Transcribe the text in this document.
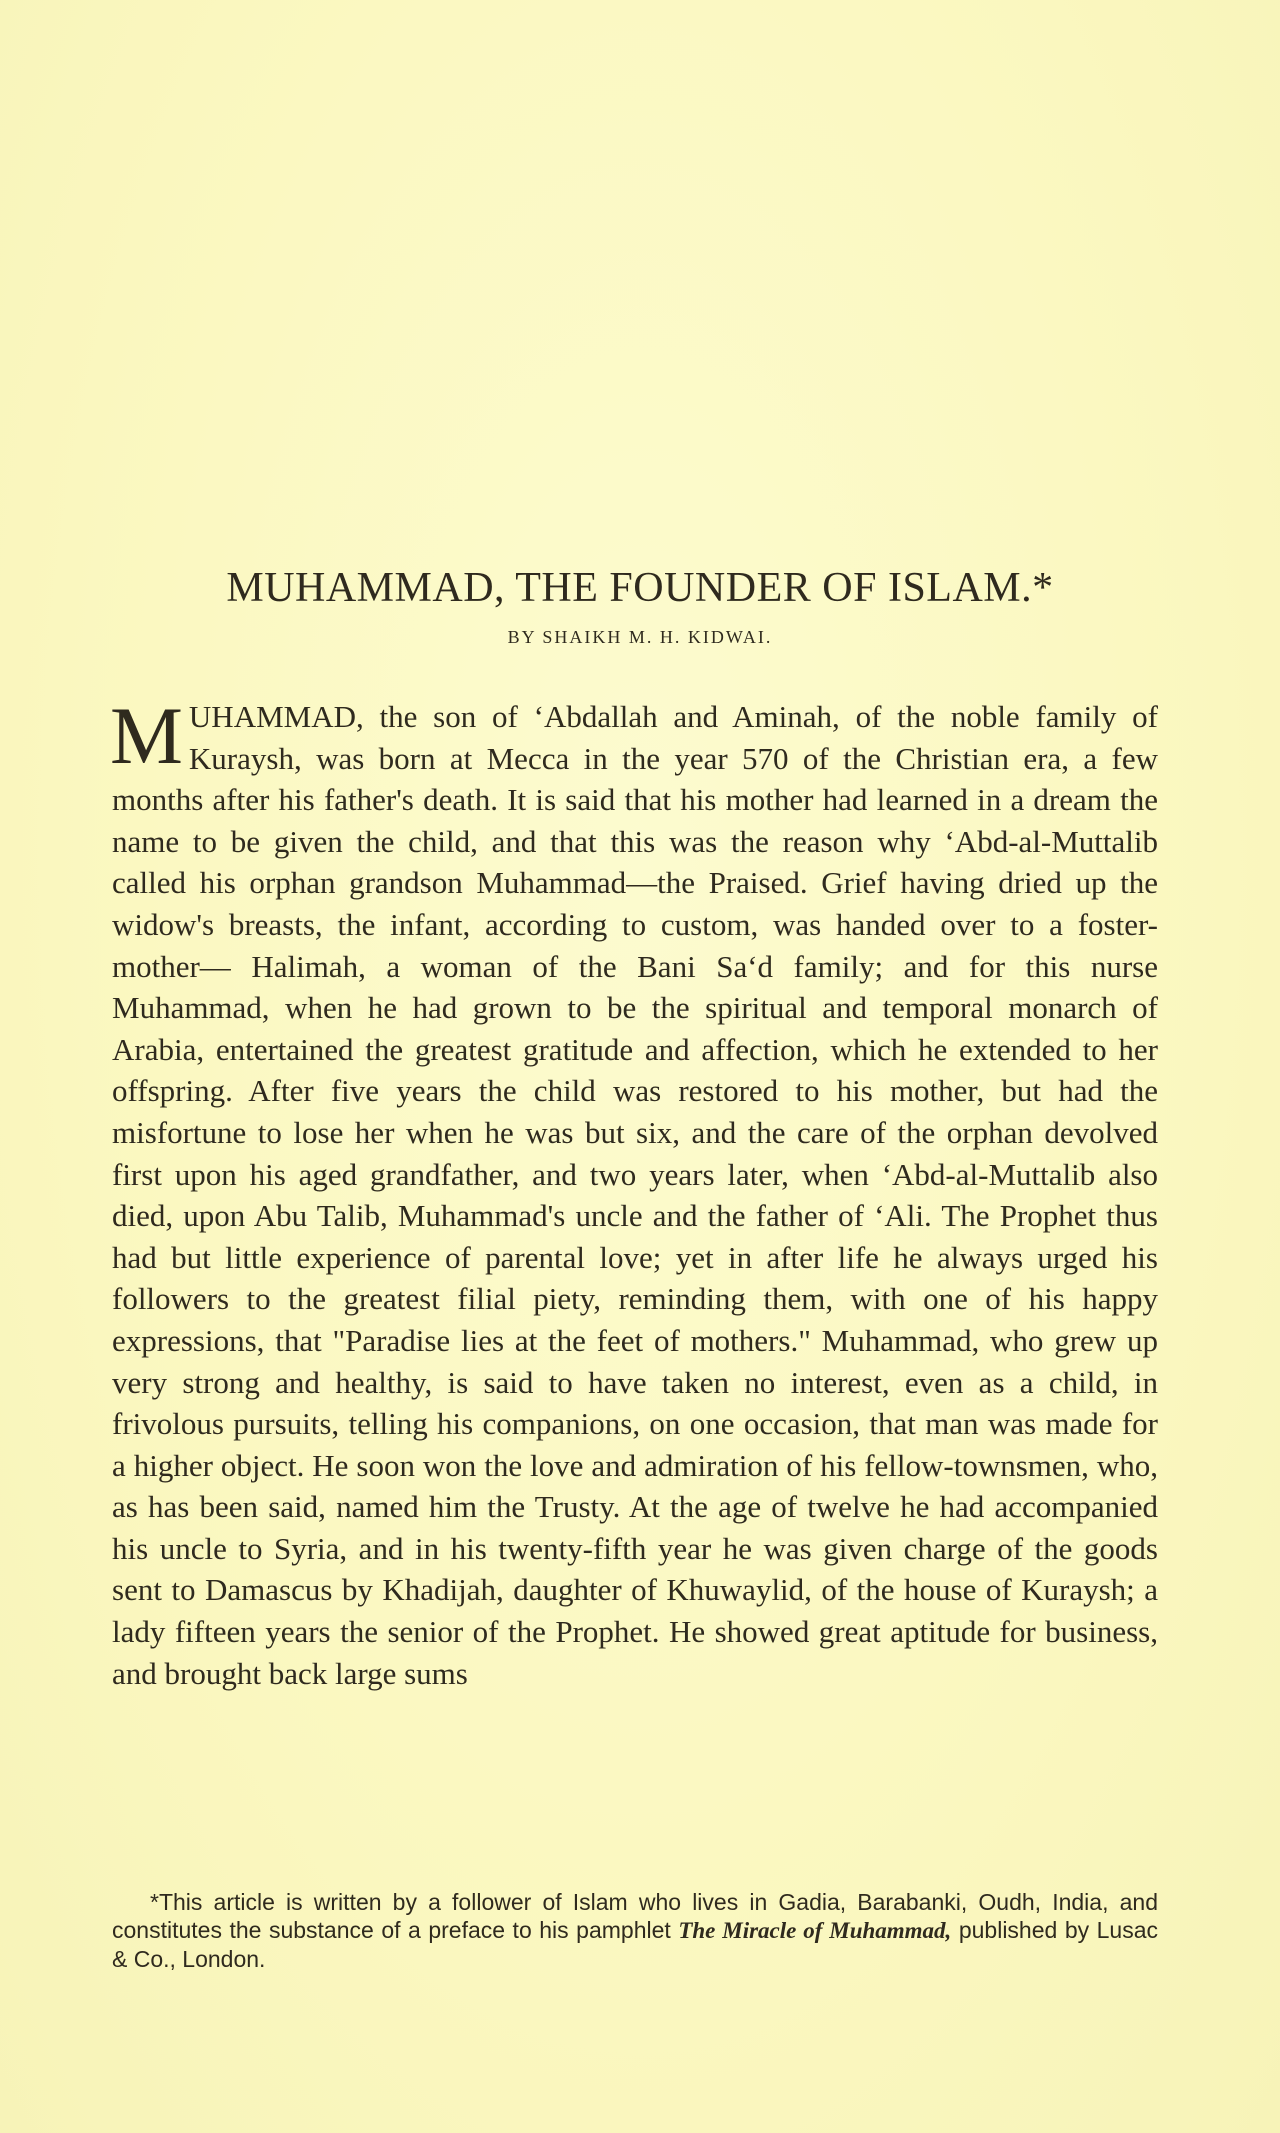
MUHAMMAD, THE FOUNDER OF ISLAM.*
BY SHAIKH M. H. KIDWAI.
M UHAMMAD, the son of ‘Abdallah and Aminah, of the noble family of Kuraysh, was born at Mecca in the year 570 of the Christian era, a few months after his father's death. It is said that his mother had learned in a dream the name to be given the child, and that this was the reason why ‘Abd-al-Muttalib called his orphan grandson Muhammad—the Praised. Grief having dried up the widow's breasts, the infant, according to custom, was handed over to a foster-mother— Halimah, a woman of the Bani Sa‘d family; and for this nurse Muhammad, when he had grown to be the spiritual and temporal monarch of Arabia, entertained the greatest gratitude and affection, which he extended to her offspring. After five years the child was restored to his mother, but had the misfortune to lose her when he was but six, and the care of the orphan devolved first upon his aged grandfather, and two years later, when ‘Abd-al-Muttalib also died, upon Abu Talib, Muhammad's uncle and the father of ‘Ali. The Prophet thus had but little experience of parental love; yet in after life he always urged his followers to the greatest filial piety, reminding them, with one of his happy expressions, that "Paradise lies at the feet of mothers." Muhammad, who grew up very strong and healthy, is said to have taken no interest, even as a child, in frivolous pursuits, telling his companions, on one occasion, that man was made for a higher object. He soon won the love and admiration of his fellow-townsmen, who, as has been said, named him the Trusty. At the age of twelve he had accompanied his uncle to Syria, and in his twenty-fifth year he was given charge of the goods sent to Damascus by Khadijah, daughter of Khuwaylid, of the house of Kuraysh; a lady fifteen years the senior of the Prophet. He showed great aptitude for business, and brought back large sums

*This article is written by a follower of Islam who lives in Gadia, Barabanki, Oudh, India, and constitutes the substance of a preface to his pamphlet The Miracle of Muhammad, published by Lusac & Co., London.
